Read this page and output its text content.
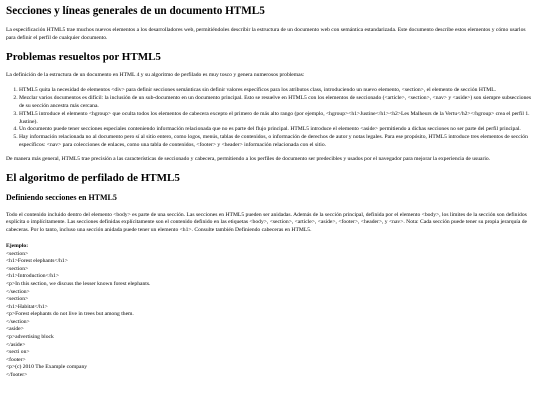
Secciones y líneas generales de un documento HTML5

La especificación HTML5 trae muchos nuevos elementos a los desarrolladores web, permitiéndoles describir la estructura de un documento web con semántica estandarizada. Este documento describe estos elementos y cómo usarlos para definir el perfil de cualquier documento.

Problemas resueltos por HTML5

La definición de la estructura de un documento en HTML 4 y su algoritmo de perfilado es muy tosco y genera numerosos problemas:

1. HTML5 quita la necesidad de elementos <div> para definir secciones semánticas sin definir valores específicos para los atributos class, introduciendo un nuevo elemento, <section>, el elemento de sección HTML.
2. Mezclar varios documentos es difícil: la inclusión de un sub-documento en un documento principal. Esto se resuelve en HTML5 con los elementos de seccionado (<article>, <section>, <nav> y <aside>) son siempre subsecciones de su sección ancestra más cercana.
3. HTML5 introduce el elemento <hgroup> que oculta todos los elementos de cabecera excepto el primero de más alto rango (por ejemplo, <hgroup><h1>Justine</h1><h2>Les Malheurs de la Vertu</h2></hgroup> crea el perfil 1. Justine).
4. Un documento puede tener secciones especiales conteniendo información relacionada que no es parte del flujo principal. HTML5 introduce el elemento <aside> permitiendo a dichas secciones no ser parte del perfil principal.
5. Hay información relacionada no al documento pero sí al sitio entero, como logos, menús, tablas de contenidos, o información de derechos de autor y notas legales. Para ese propósito, HTML5 introduce tres elementos de sección específicos: <nav> para colecciones de enlaces, como una tabla de contenidos, <footer> y <header> información relacionada con el sitio.

De manera más general, HTML5 trae precisión a las características de seccionado y cabecera, permitiendo a los perfiles de documento ser predecibles y usados por el navegador para mejorar la experiencia de usuario.

El algoritmo de perfilado de HTML5
Definiendo secciones en HTML5

Todo el contenido incluido dentro del elemento <body> es parte de una sección. Las secciones en HTML5 pueden ser anidadas. Además de la sección principal, definida por el elemento <body>, los límites de la sección son definidos explícita o implícitamente. Las secciones definidas explícitamente son el contenido definido en las etiquetas <body>, <section>, <article>, <aside>, <footer>, <header>, y <nav>. Nota: Cada sección puede tener su propia jerarquía de cabeceras. Por lo tanto, incluso una sección anidada puede tener un elemento <h1>. Consulte también Definiendo cabeceras en HTML5.

Ejemplo:
<section>
<h1>Forest elephants</h1>
<section>
<h1>Introduction</h1>
<p>In this section, we discuss the lesser known forest elephants.
</section>
<section>
<h1>Habitat</h1>
<p>Forest elephants do not live in trees but among them.
</section>
<aside>
<p>advertising block
</aside>
<secti on>
<footer>
<p>(c) 2010 The Example company
</footer>
